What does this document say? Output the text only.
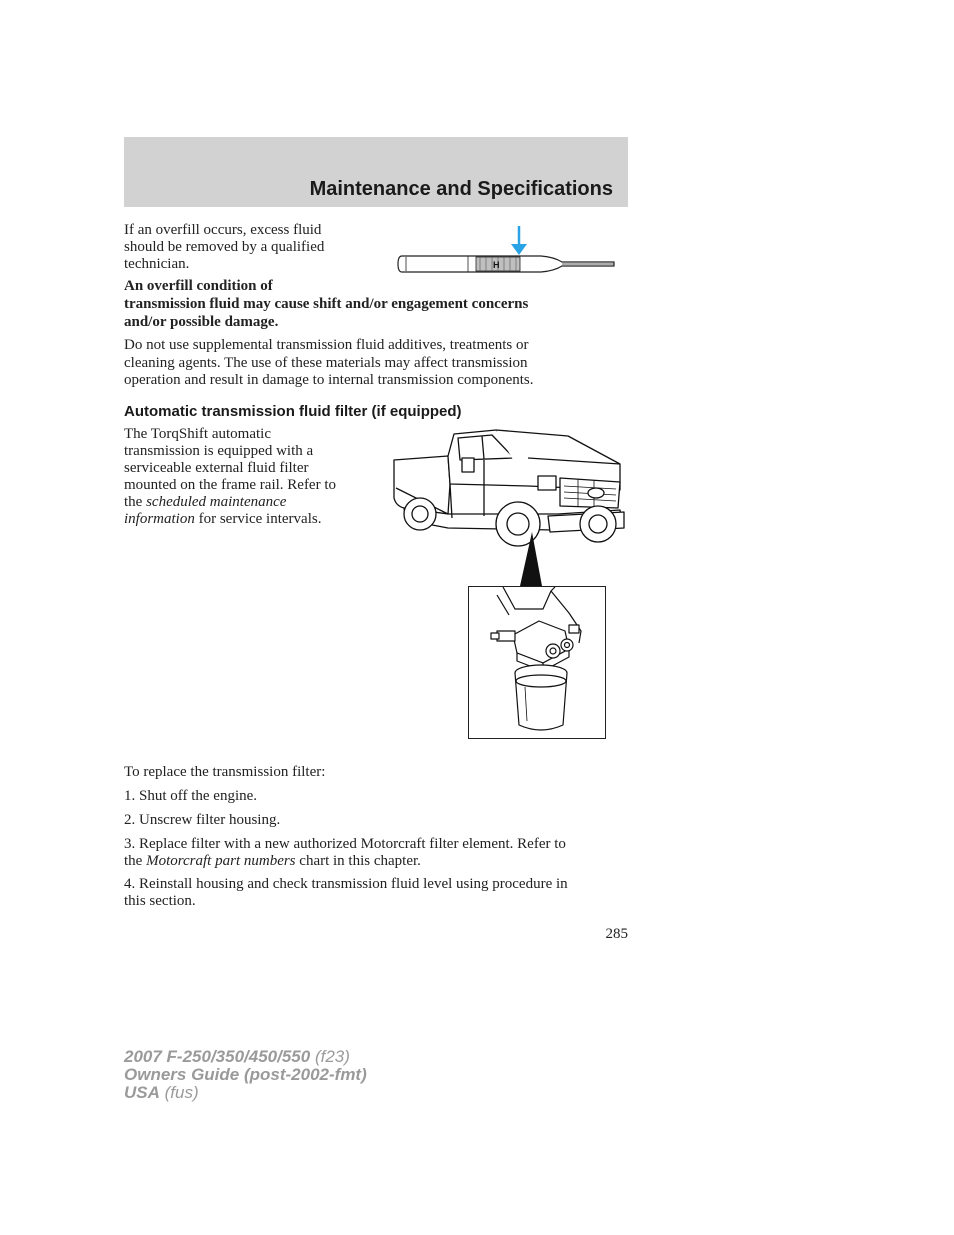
Maintenance and Specifications
If an overfill occurs, excess fluid
should be removed by a qualified
technician.	H
An overfill condition of
transmission fluid may cause shift and/or engagement concerns
and/or possible damage.
Do not use supplemental transmission fluid additives, treatments or
cleaning agents. The use of these materials may affect transmission
operation and result in damage to internal transmission components.
Automatic transmission fluid filter (if equipped)
The TorqShift automatic
transmission is equipped with a
serviceable external fluid filter
mounted on the frame rail. Refer to
the scheduled maintenance
information for service intervals.
To replace the transmission filter:
1. Shut off the engine.
2. Unscrew filter housing.
3. Replace filter with a new authorized Motorcraft filter element. Refer to
the Motorcraft part numbers chart in this chapter.
4. Reinstall housing and check transmission fluid level using procedure in
this section.
285
2007 F-250/350/450/550 (f23)
Owners Guide (post-2002-fmt)
USA (fus)
